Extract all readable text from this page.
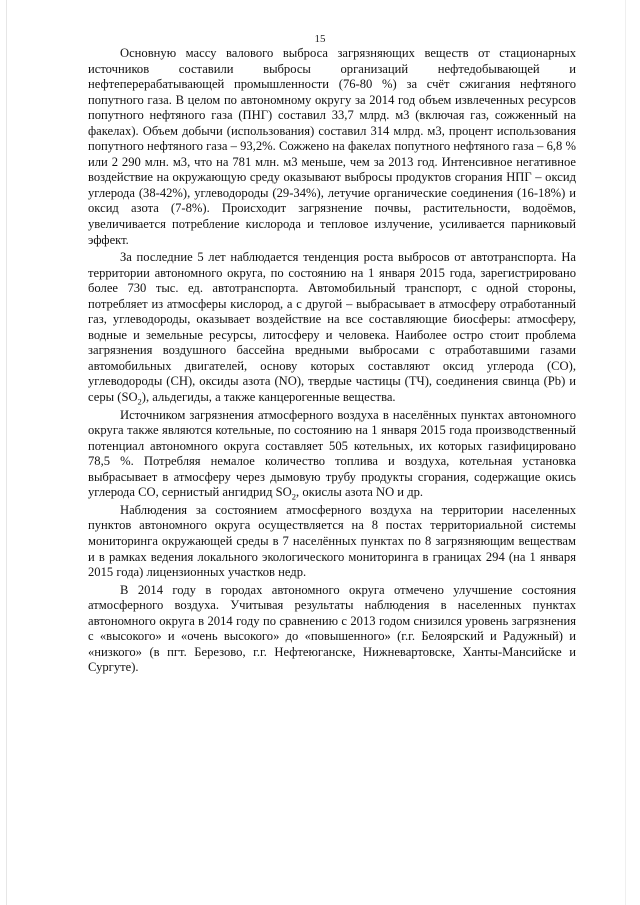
15

Основную массу валового выброса загрязняющих веществ от стационарных источников составили выбросы организаций нефтедобывающей и нефтеперерабатывающей промышленности (76-80 %) за счёт сжигания нефтяного попутного газа. В целом по автономному округу за 2014 год объем извлеченных ресурсов попутного нефтяного газа (ПНГ) составил 33,7 млрд. м3 (включая газ, сожженный на факелах). Объем добычи (использования) составил 314 млрд. м3, процент использования попутного нефтяного газа – 93,2%. Сожжено на факелах попутного нефтяного газа – 6,8 % или 2 290 млн. м3, что на 781 млн. м3 меньше, чем за 2013 год. Интенсивное негативное воздействие на окружающую среду оказывают выбросы продуктов сгорания НПГ – оксид углерода (38-42%), углеводороды (29-34%), летучие органические соединения (16-18%) и оксид азота (7-8%). Происходит загрязнение почвы, растительности, водоёмов, увеличивается потребление кислорода и тепловое излучение, усиливается парниковый эффект.

За последние 5 лет наблюдается тенденция роста выбросов от автотранспорта. На территории автономного округа, по состоянию на 1 января 2015 года, зарегистрировано более 730 тыс. ед. автотранспорта. Автомобильный транспорт, с одной стороны, потребляет из атмосферы кислород, а с другой – выбрасывает в атмосферу отработанный газ, углеводороды, оказывает воздействие на все составляющие биосферы: атмосферу, водные и земельные ресурсы, литосферу и человека. Наиболее остро стоит проблема загрязнения воздушного бассейна вредными выбросами с отработавшими газами автомобильных двигателей, основу которых составляют оксид углерода (CO), углеводороды (CH), оксиды азота (NO), твердые частицы (ТЧ), соединения свинца (Pb) и серы $(SO_2)$, альдегиды, а также канцерогенные вещества.

Источником загрязнения атмосферного воздуха в населённых пунктах автономного округа также являются котельные, по состоянию на 1 января 2015 года производственный потенциал автономного округа составляет 505 котельных, их которых газифицировано 78,5 %. Потребляя немалое количество топлива и воздуха, котельная установка выбрасывает в атмосферу через дымовую трубу продукты сгорания, содержащие окись углерода CO, сернистый ангидрид $SO_2$, окислы азота NO и др.

Наблюдения за состоянием атмосферного воздуха на территории населенных пунктов автономного округа осуществляется на 8 постах территориальной системы мониторинга окружающей среды в 7 населённых пунктах по 8 загрязняющим веществам и в рамках ведения локального экологического мониторинга в границах 294 (на 1 января 2015 года) лицензионных участков недр.

В 2014 году в городах автономного округа отмечено улучшение состояния атмосферного воздуха. Учитывая результаты наблюдения в населенных пунктах автономного округа в 2014 году по сравнению с 2013 годом снизился уровень загрязнения с «высокого» и «очень высокого» до «повышенного» (г.г. Белоярский и Радужный) и «низкого» (в пгт. Березово, г.г. Нефтеюганске, Нижневартовске, Ханты-Мансийске и Сургуте).
